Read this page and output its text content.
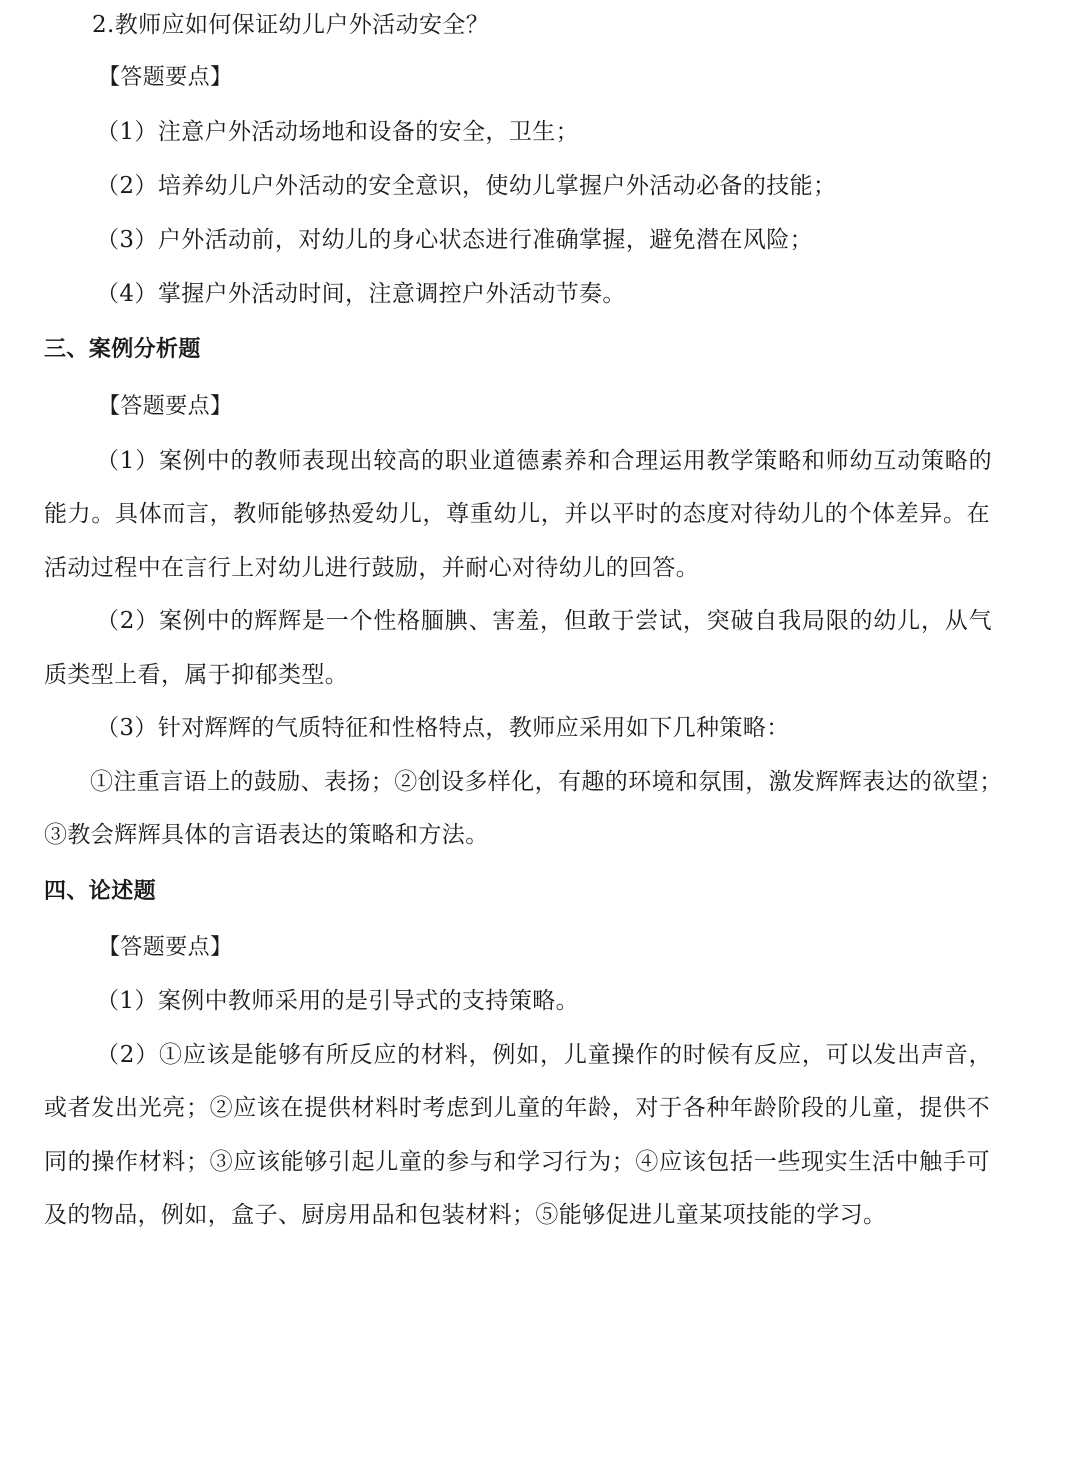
2.教师应如何保证幼儿户外活动安全？
【答题要点】
（1）注意户外活动场地和设备的安全，卫生；
（2）培养幼儿户外活动的安全意识，使幼儿掌握户外活动必备的技能；
（3）户外活动前，对幼儿的身心状态进行准确掌握，避免潜在风险；
（4）掌握户外活动时间，注意调控户外活动节奏。
三、案例分析题
【答题要点】
（1）案例中的教师表现出较高的职业道德素养和合理运用教学策略和师幼互动策略的
能力。具体而言，教师能够热爱幼儿，尊重幼儿，并以平时的态度对待幼儿的个体差异。在
活动过程中在言行上对幼儿进行鼓励，并耐心对待幼儿的回答。
（2）案例中的辉辉是一个性格腼腆、害羞，但敢于尝试，突破自我局限的幼儿，从气
质类型上看，属于抑郁类型。
（3）针对辉辉的气质特征和性格特点，教师应采用如下几种策略：
①注重言语上的鼓励、表扬；②创设多样化，有趣的环境和氛围，激发辉辉表达的欲望；
③教会辉辉具体的言语表达的策略和方法。
四、论述题
【答题要点】
（1）案例中教师采用的是引导式的支持策略。
（2）①应该是能够有所反应的材料，例如，儿童操作的时候有反应，可以发出声音，
或者发出光亮；②应该在提供材料时考虑到儿童的年龄，对于各种年龄阶段的儿童，提供不
同的操作材料；③应该能够引起儿童的参与和学习行为；④应该包括一些现实生活中触手可
及的物品，例如，盒子、厨房用品和包装材料；⑤能够促进儿童某项技能的学习。
